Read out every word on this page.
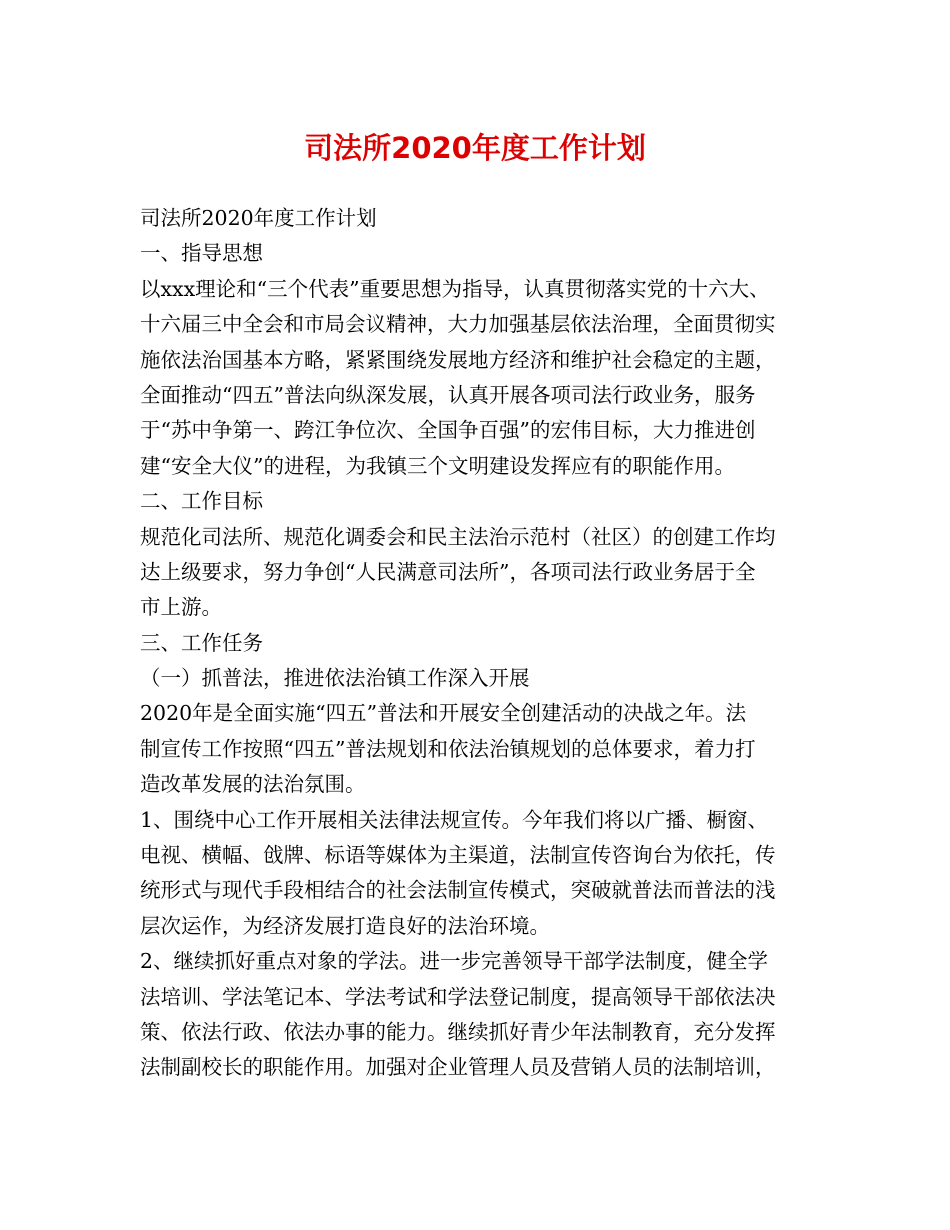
司法所2020年度工作计划
司法所2020年度工作计划
一、指导思想
以xxx理论和“三个代表”重要思想为指导，认真贯彻落实党的十六大、
十六届三中全会和市局会议精神，大力加强基层依法治理，全面贯彻实
施依法治国基本方略，紧紧围绕发展地方经济和维护社会稳定的主题，
全面推动“四五”普法向纵深发展，认真开展各项司法行政业务，服务
于“苏中争第一、跨江争位次、全国争百强”的宏伟目标，大力推进创
建“安全大仪”的进程，为我镇三个文明建设发挥应有的职能作用。
二、工作目标
规范化司法所、规范化调委会和民主法治示范村（社区）的创建工作均
达上级要求，努力争创“人民满意司法所”，各项司法行政业务居于全
市上游。
三、工作任务
（一）抓普法，推进依法治镇工作深入开展
2020年是全面实施“四五”普法和开展安全创建活动的决战之年。法
制宣传工作按照“四五”普法规划和依法治镇规划的总体要求，着力打
造改革发展的法治氛围。
1、围绕中心工作开展相关法律法规宣传。今年我们将以广播、橱窗、
电视、横幅、戗牌、标语等媒体为主渠道，法制宣传咨询台为依托，传
统形式与现代手段相结合的社会法制宣传模式，突破就普法而普法的浅
层次运作，为经济发展打造良好的法治环境。
2、继续抓好重点对象的学法。进一步完善领导干部学法制度，健全学
法培训、学法笔记本、学法考试和学法登记制度，提高领导干部依法决
策、依法行政、依法办事的能力。继续抓好青少年法制教育，充分发挥
法制副校长的职能作用。加强对企业管理人员及营销人员的法制培训，
